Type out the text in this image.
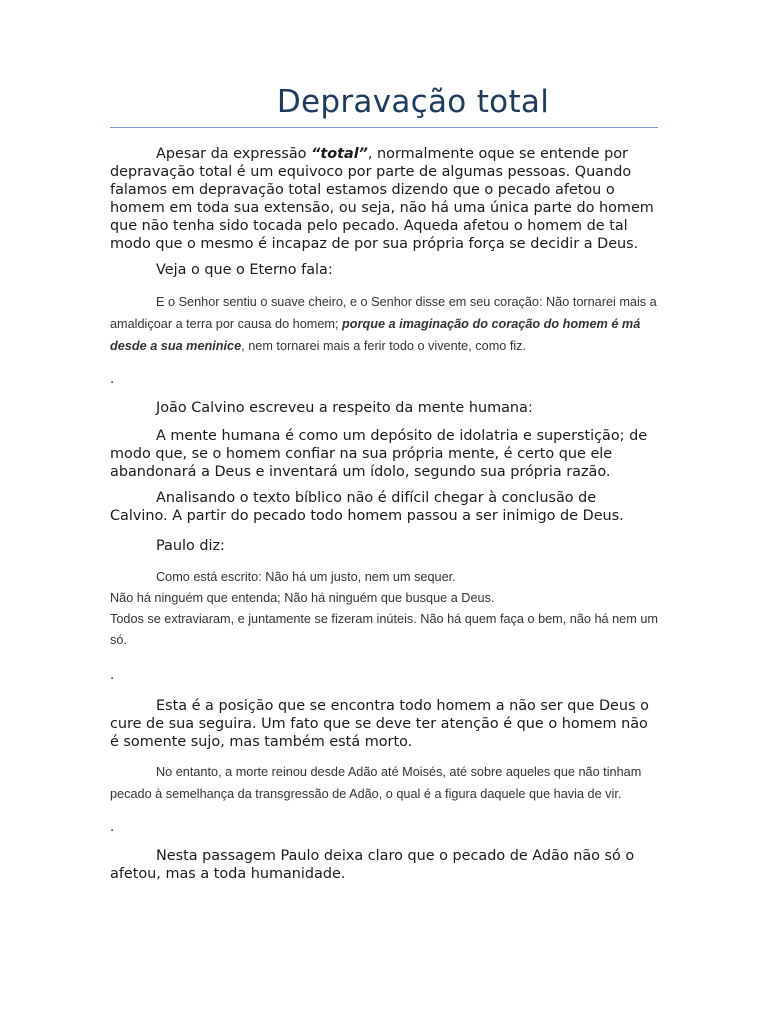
Depravação total

Apesar da expressão “total”, normalmente oque se entende por depravação total é um equivoco por parte de algumas pessoas. Quando falamos em depravação total estamos dizendo que o pecado afetou o homem em toda sua extensão, ou seja, não há uma única parte do homem que não tenha sido tocada pelo pecado. Aqueda afetou o homem de tal modo que o mesmo é incapaz de por sua própria força se decidir a Deus.

Veja o que o Eterno fala:

E o Senhor sentiu o suave cheiro, e o Senhor disse em seu coração: Não tornarei mais a amaldiçoar a terra por causa do homem; porque a imaginação do coração do homem é má desde a sua meninice, nem tornarei mais a ferir todo o vivente, como fiz.

.

João Calvino escreveu a respeito da mente humana:

A mente humana é como um depósito de idolatria e superstição; de modo que, se o homem confiar na sua própria mente, é certo que ele abandonará a Deus e inventará um ídolo, segundo sua própria razão.

Analisando o texto bíblico não é difícil chegar à conclusão de Calvino. A partir do pecado todo homem passou a ser inimigo de Deus.

Paulo diz:

Como está escrito: Não há um justo, nem um sequer.

Não há ninguém que entenda; Não há ninguém que busque a Deus.

Todos se extraviaram, e juntamente se fizeram inúteis. Não há quem faça o bem, não há nem um só.

.

Esta é a posição que se encontra todo homem a não ser que Deus o cure de sua seguira. Um fato que se deve ter atenção é que o homem não é somente sujo, mas também está morto.

No entanto, a morte reinou desde Adão até Moisés, até sobre aqueles que não tinham pecado à semelhança da transgressão de Adão, o qual é a figura daquele que havia de vir.

.

Nesta passagem Paulo deixa claro que o pecado de Adão não só o afetou, mas a toda humanidade.
